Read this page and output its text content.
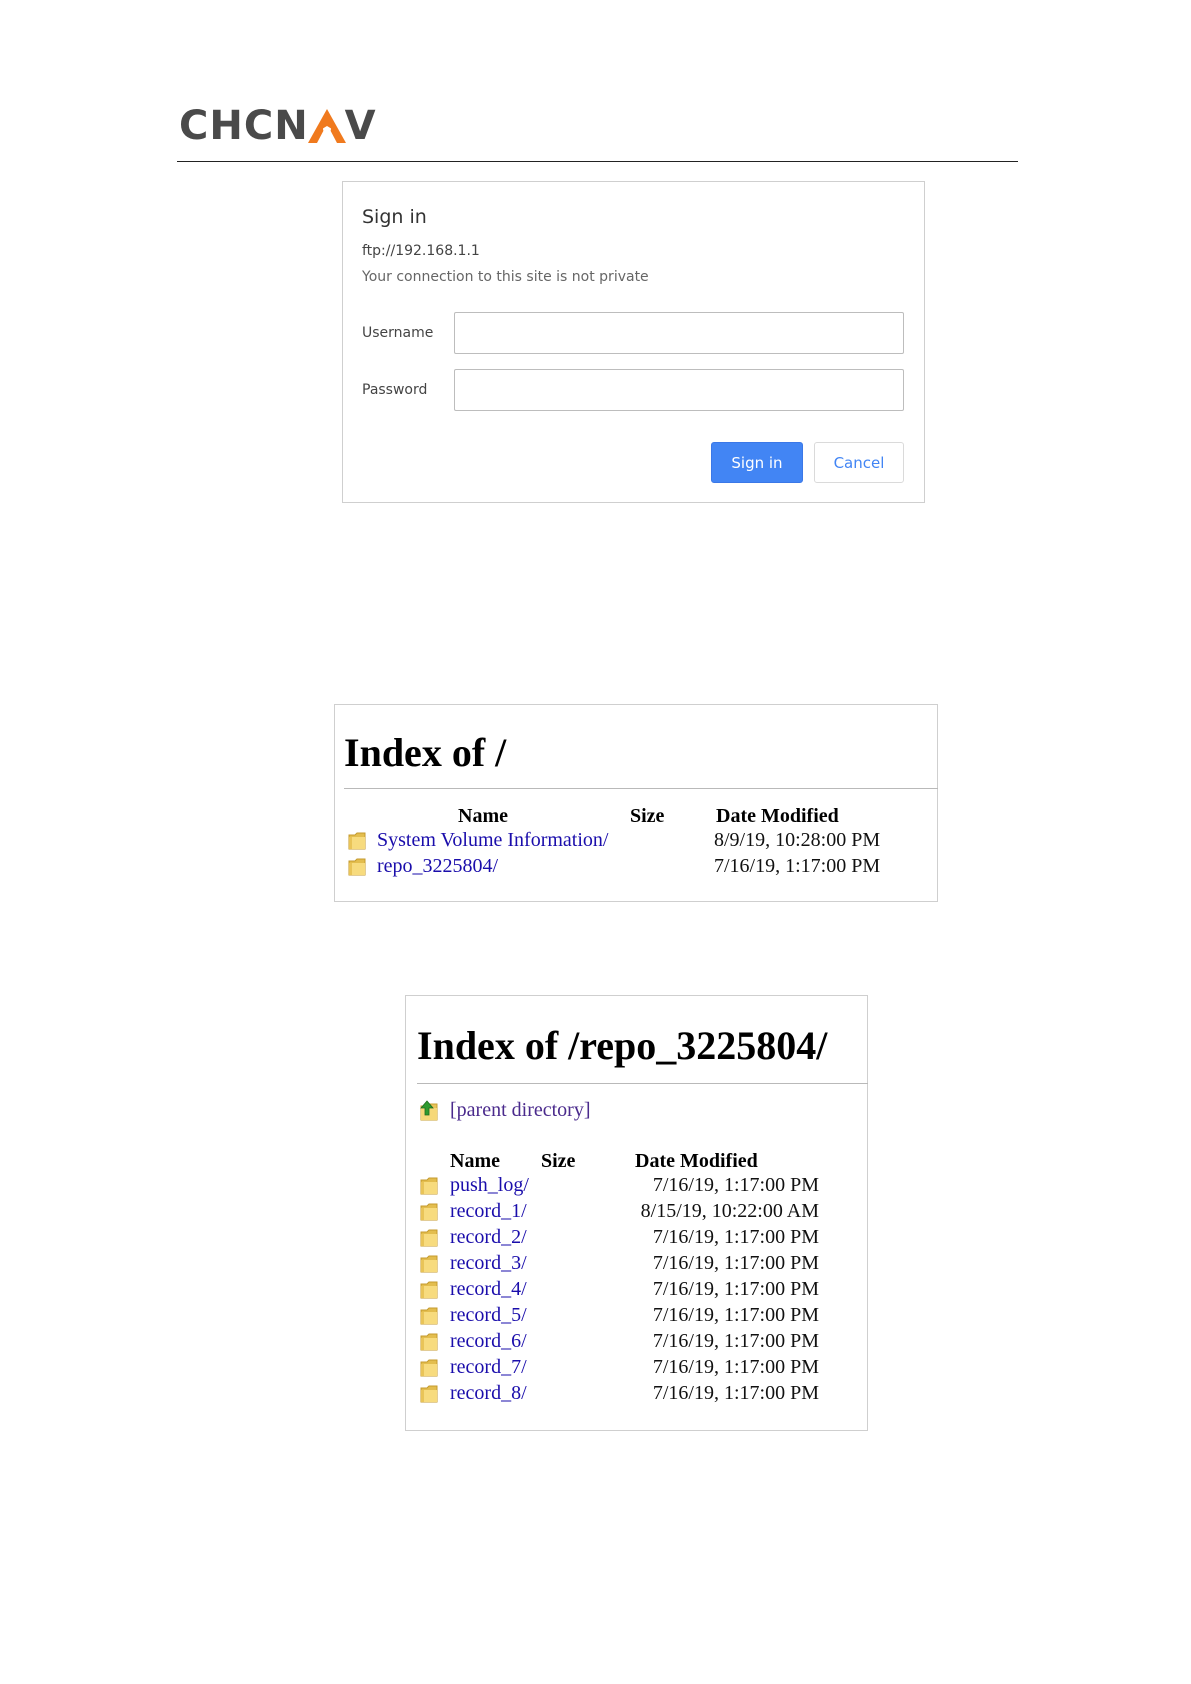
CHCN V
Sign in
ftp://192.168.1.1
Your connection to this site is not private
Username
Password
Sign in	Cancel
Index of /
Name	Size	Date Modified
System Volume Information/	8/9/19, 10:28:00 PM
repo_3225804/	7/16/19, 1:17:00 PM
Index of /repo_3225804/
[parent directory]
Name Size	Date Modified
push_log/	7/16/19, 1:17:00 PM
record_1/	8/15/19, 10:22:00 AM
record_2/	7/16/19, 1:17:00 PM
record_3/	7/16/19, 1:17:00 PM
record_4/	7/16/19, 1:17:00 PM
record_5/	7/16/19, 1:17:00 PM
record_6/	7/16/19, 1:17:00 PM
record_7/	7/16/19, 1:17:00 PM
record_8/	7/16/19, 1:17:00 PM
